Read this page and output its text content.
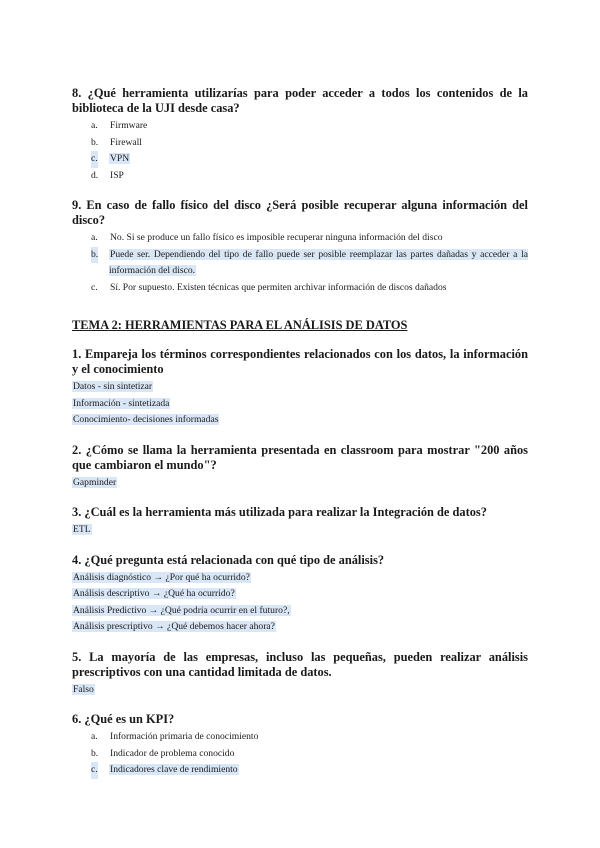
8. ¿Qué herramienta utilizarías para poder acceder a todos los contenidos de la biblioteca de la UJI desde casa?

a. Firmware
b. Firewall
c. VPN
d. ISP

9. En caso de fallo físico del disco ¿Será posible recuperar alguna información del disco?

a. No. Si se produce un fallo físico es imposible recuperar ninguna información del disco
b. Puede ser. Dependiendo del tipo de fallo puede ser posible reemplazar las partes dañadas y acceder a la información del disco.
c. Sí. Por supuesto. Existen técnicas que permiten archivar información de discos dañados
TEMA 2: HERRAMIENTAS PARA EL ANÁLISIS DE DATOS

1. Empareja los términos correspondientes relacionados con los datos, la información y el conocimiento

Datos - sin sintetizar
Información - sintetizada
Conocimiento- decisiones informadas

2. ¿Cómo se llama la herramienta presentada en classroom para mostrar "200 años que cambiaron el mundo"?

Gapminder

3. ¿Cuál es la herramienta más utilizada para realizar la Integración de datos?

ETL

4. ¿Qué pregunta está relacionada con qué tipo de análisis?

Análisis diagnóstico → ¿Por qué ha ocurrido?
Análisis descriptivo → ¿Qué ha ocurrido?
Análisis Predictivo → ¿Qué podría ocurrir en el futuro?,
Análisis prescriptivo → ¿Qué debemos hacer ahora?

5. La mayoría de las empresas, incluso las pequeñas, pueden realizar análisis prescriptivos con una cantidad limitada de datos.

Falso

6. ¿Qué es un KPI?

a. Información primaria de conocimiento
b. Indicador de problema conocido
c. Indicadores clave de rendimiento
